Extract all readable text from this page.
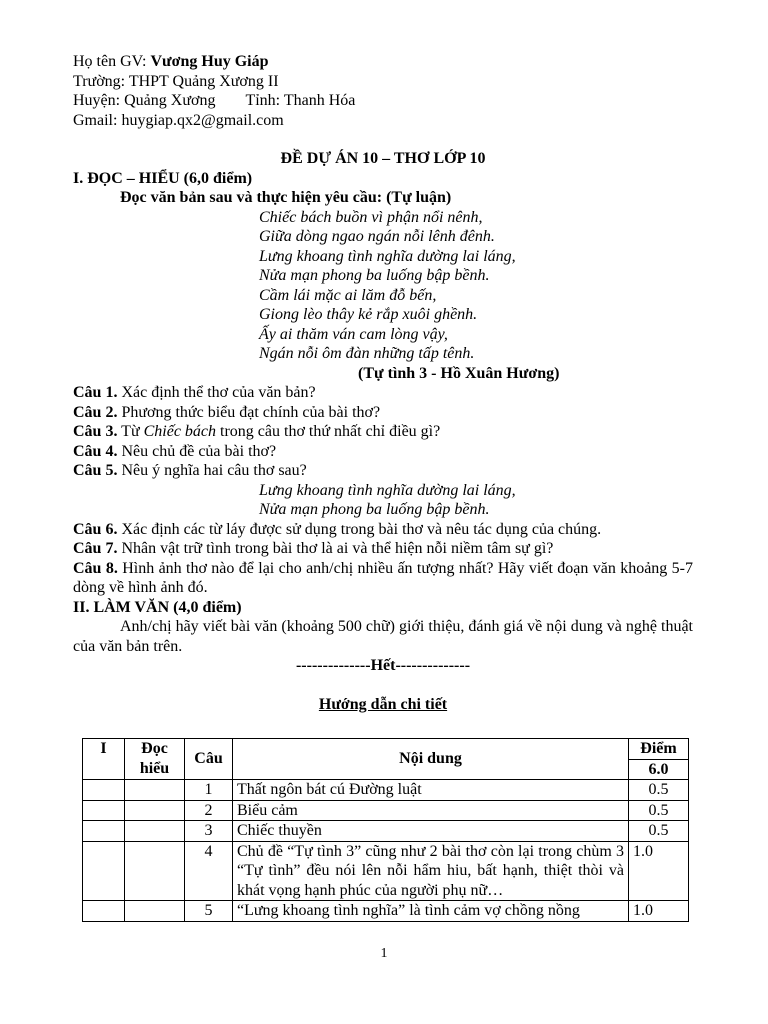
Họ tên GV: Vương Huy Giáp
Trường: THPT Quảng Xương II
Huyện: Quảng Xương Tỉnh: Thanh Hóa
Gmail: huygiap.qx2@gmail.com
ĐỀ DỰ ÁN 10 – THƠ LỚP 10
I. ĐỌC – HIỂU (6,0 điểm)
Đọc văn bản sau và thực hiện yêu cầu: (Tự luận)
Chiếc bách buồn vì phận nổi nênh,
Giữa dòng ngao ngán nỗi lênh đênh.
Lưng khoang tình nghĩa dường lai láng,
Nửa mạn phong ba luống bập bềnh.
Cầm lái mặc ai lăm đỗ bến,
Giong lèo thây kẻ rắp xuôi ghềnh.
Ấy ai thăm ván cam lòng vậy,
Ngán nỗi ôm đàn những tấp tênh.
(Tự tình 3 - Hồ Xuân Hương)
Câu 1. Xác định thể thơ của văn bản?
Câu 2. Phương thức biểu đạt chính của bài thơ?
Câu 3. Từ Chiếc bách trong câu thơ thứ nhất chỉ điều gì?
Câu 4. Nêu chủ đề của bài thơ?
Câu 5. Nêu ý nghĩa hai câu thơ sau?
Lưng khoang tình nghĩa dường lai láng,
Nửa mạn phong ba luống bập bềnh.
Câu 6. Xác định các từ láy được sử dụng trong bài thơ và nêu tác dụng của chúng.
Câu 7. Nhân vật trữ tình trong bài thơ là ai và thể hiện nỗi niềm tâm sự gì?
Câu 8. Hình ảnh thơ nào để lại cho anh/chị nhiều ấn tượng nhất? Hãy viết đoạn văn khoảng 5-7 dòng về hình ảnh đó.
II. LÀM VĂN (4,0 điểm)
Anh/chị hãy viết bài văn (khoảng 500 chữ) giới thiệu, đánh giá về nội dung và nghệ thuật của văn bản trên.
--------------Hết--------------
Hướng dẫn chi tiết
I	Đọc hiểu	Câu	Nội dung	Điểm
				6.0
		1	Thất ngôn bát cú Đường luật	0.5
		2	Biểu cảm	0.5
		3	Chiếc thuyền	0.5
		4	Chủ đề “Tự tình 3” cũng như 2 bài thơ còn lại trong chùm 3 “Tự tình” đều nói lên nỗi hẩm hiu, bất hạnh, thiệt thòi và khát vọng hạnh phúc của người phụ nữ…	1.0
		5	“Lưng khoang tình nghĩa” là tình cảm vợ chồng nồng	1.0
1
